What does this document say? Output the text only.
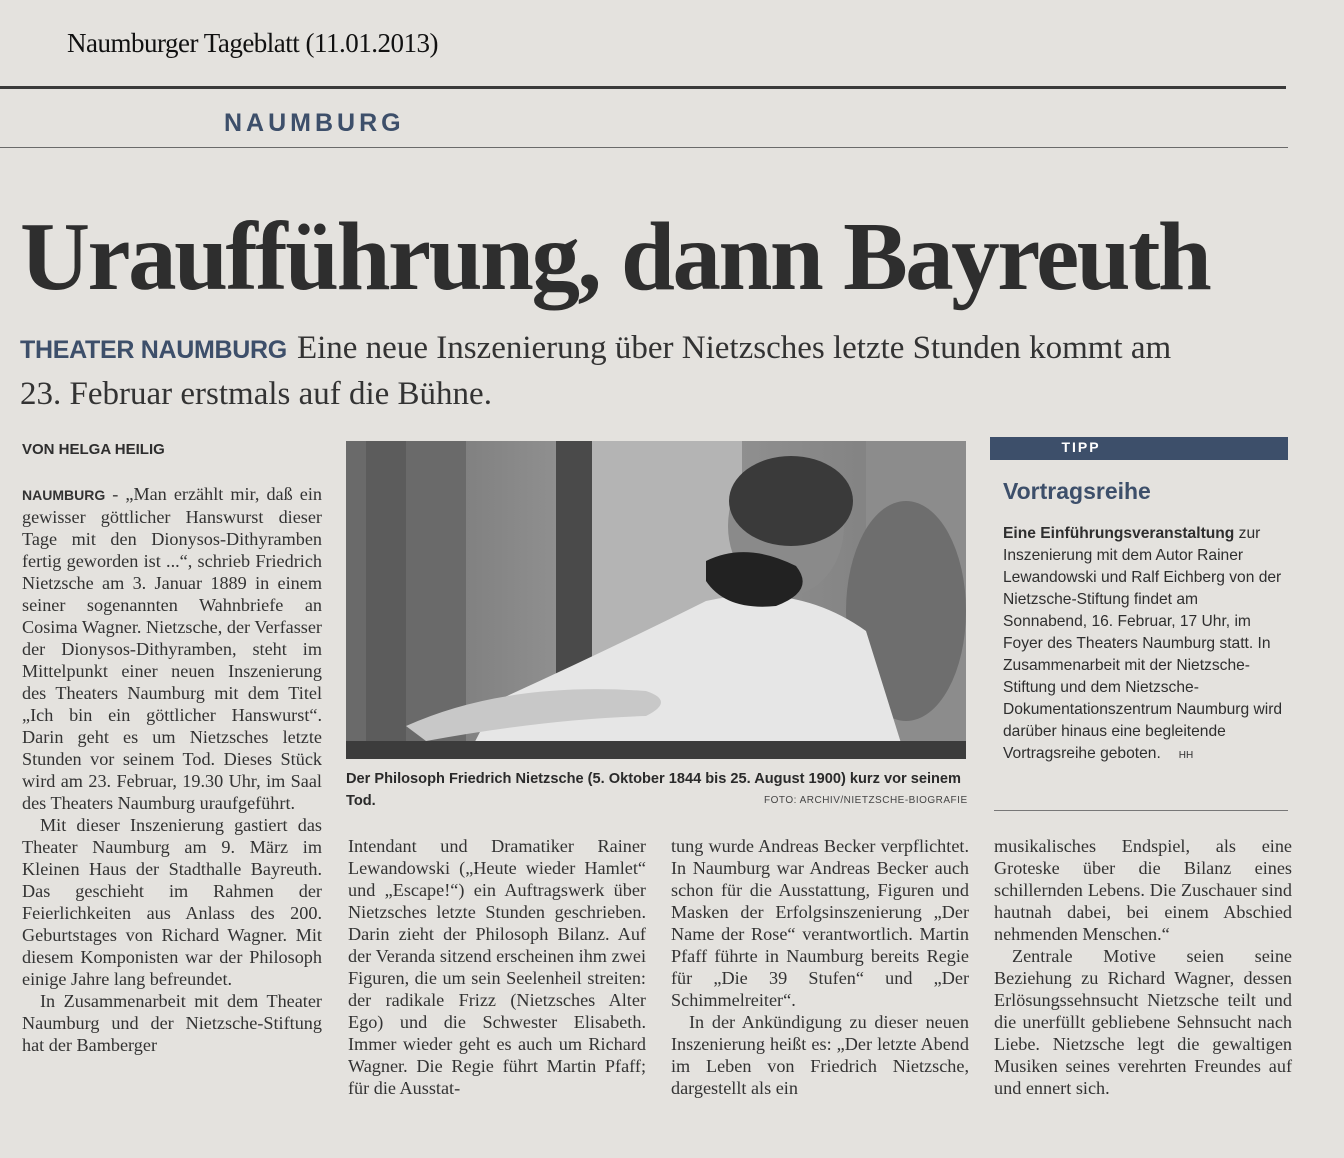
Naumburger Tageblatt (11.01.2013)
NAUMBURG
Uraufführung, dann Bayreuth
THEATER NAUMBURG Eine neue Inszenierung über Nietzsches letzte Stunden kommt am 23. Februar erstmals auf die Bühne.
VON HELGA HEILIG

NAUMBURG - „Man erzählt mir, daß ein gewisser göttlicher Hanswurst dieser Tage mit den Dionysos-Dithyramben fertig geworden ist ...“, schrieb Friedrich Nietzsche am 3. Januar 1889 in einem seiner sogenannten Wahnbriefe an Cosima Wagner. Nietzsche, der Verfasser der Dionysos-Dithyramben, steht im Mittelpunkt einer neuen Inszenierung des Theaters Naumburg mit dem Titel „Ich bin ein göttlicher Hanswurst“. Darin geht es um Nietzsches letzte Stunden vor seinem Tod. Dieses Stück wird am 23. Februar, 19.30 Uhr, im Saal des Theaters Naumburg uraufgeführt.

Mit dieser Inszenierung gastiert das Theater Naumburg am 9. März im Kleinen Haus der Stadthalle Bayreuth. Das geschieht im Rahmen der Feierlichkeiten aus Anlass des 200. Geburtstages von Richard Wagner. Mit diesem Komponisten war der Philosoph einige Jahre lang befreundet.

In Zusammenarbeit mit dem Theater Naumburg und der Nietzsche-Stiftung hat der Bamberger

Der Philosoph Friedrich Nietzsche (5. Oktober 1844 bis 25. August 1900) kurz vor seinem Tod.	FOTO: ARCHIV/NIETZSCHE-BIOGRAFIE
TIPP
Vortragsreihe
Eine Einführungsveranstaltung zur Inszenierung mit dem Autor Rainer Lewandowski und Ralf Eichberg von der Nietzsche-Stiftung findet am Sonnabend, 16. Februar, 17 Uhr, im Foyer des Theaters Naumburg statt. In Zusammenarbeit mit der Nietzsche-Stiftung und dem Nietzsche-Dokumentationszentrum Naumburg wird darüber hinaus eine begleitende Vortragsreihe geboten. HH

Intendant und Dramatiker Rainer Lewandowski („Heute wieder Hamlet“ und „Escape!“) ein Auftragswerk über Nietzsches letzte Stunden geschrieben. Darin zieht der Philosoph Bilanz. Auf der Veranda sitzend erscheinen ihm zwei Figuren, die um sein Seelenheil streiten: der radikale Frizz (Nietzsches Alter Ego) und die Schwester Elisabeth. Immer wieder geht es auch um Richard Wagner. Die Regie führt Martin Pfaff; für die Ausstat-

tung wurde Andreas Becker verpflichtet. In Naumburg war Andreas Becker auch schon für die Ausstattung, Figuren und Masken der Erfolgsinszenierung „Der Name der Rose“ verantwortlich. Martin Pfaff führte in Naumburg bereits Regie für „Die 39 Stufen“ und „Der Schimmelreiter“.

In der Ankündigung zu dieser neuen Inszenierung heißt es: „Der letzte Abend im Leben von Friedrich Nietzsche, dargestellt als ein

musikalisches Endspiel, als eine Groteske über die Bilanz eines schillernden Lebens. Die Zuschauer sind hautnah dabei, bei einem Abschied nehmenden Menschen.“

Zentrale Motive seien seine Beziehung zu Richard Wagner, dessen Erlösungssehnsucht Nietzsche teilt und die unerfüllt gebliebene Sehnsucht nach Liebe. Nietzsche legt die gewaltigen Musiken seines verehrten Freundes auf und ennert sich.
